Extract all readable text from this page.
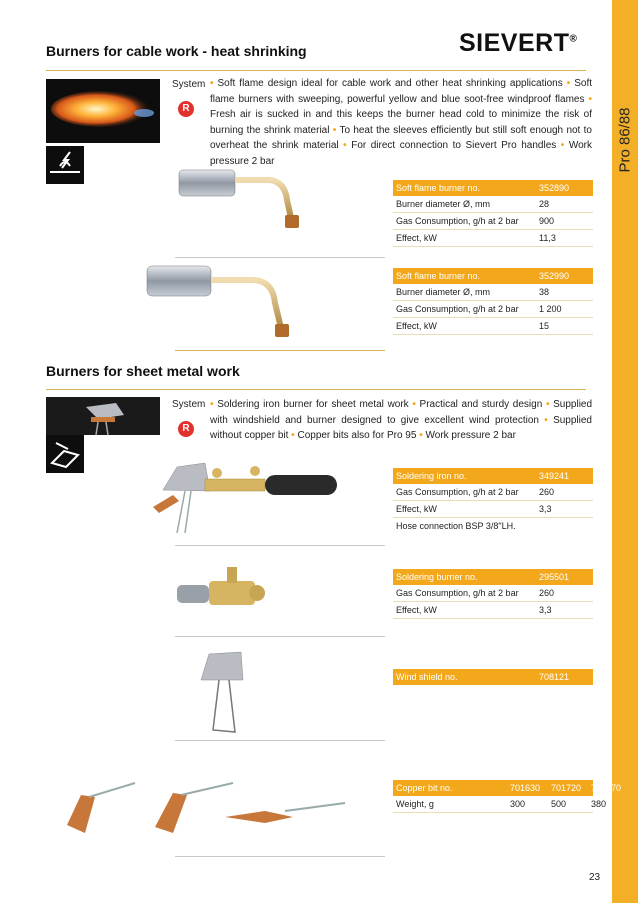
Pro 86/88
SIEVERT®
Burners for cable work - heat shrinking
System
R
• Soft flame design ideal for cable work and other heat shrinking applications • Soft flame burners with sweeping, powerful yellow and blue soot-free windproof flames • Fresh air is sucked in and this keeps the burner head cold to minimize the risk of burning the shrink material • To heat the sleeves efficiently but still soft enough not to overheat the shrink material • For direct connection to Sievert Pro handles • Work pressure 2 bar
Soft flame burner no.	352890
Burner diameter Ø, mm	28
Gas Consumption, g/h at 2 bar 900
Effect, kW	11,3
Soft flame burner no.	352990
Burner diameter Ø, mm	38
Gas Consumption, g/h at 2 bar 1 200
Effect, kW	15
Burners for sheet metal work
System
R
• Soldering iron burner for sheet metal work • Practical and sturdy design • Supplied with windshield and burner designed to give excellent wind protection • Supplied without copper bit • Copper bits also for Pro 95 • Work pressure 2 bar
Soldering iron no.	349241
Gas Consumption, g/h at 2 bar 260
Effect, kW	3,3
Hose connection BSP 3/8"LH.
Soldering burner no.	295501
Gas Consumption, g/h at 2 bar 260
Effect, kW	3,3
Wind shield no.	708121
Copper bit no.	701630 701720 702070
Weight, g	300	500	380
23
